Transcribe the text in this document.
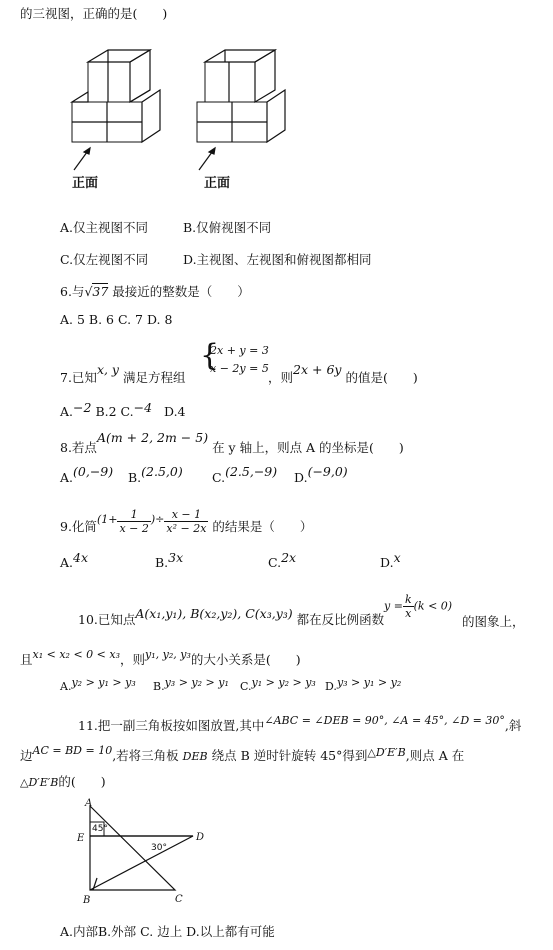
的三视图，正确的是(　　)
正面	正面
A.仅主视图不同	B.仅俯视图不同
C.仅左视图不同	D.主视图、左视图和俯视图都相同
6.与√37 最接近的整数是（　　）
A. 5 B. 6 C. 7 D. 8
7.已知x, y 满足方程组
{
2x + y = 3
x − 2y = 5
，则2x + 6y 的值是(　　)
A.−2 B.2 C.−4 D.4
8.若点A(m + 2, 2m − 5) 在 y 轴上，则点 A 的坐标是(　　)
A.(0,−9) B.(2.5,0) C.(2.5,−9) D.(−9,0)
9.化简($1+ \frac{1}{x - 2}$ )÷ $\frac{x - 1}{\text{x² − 2x}}$ 的结果是（　　）
A.4x	B.3x	C.2x	D.x
10.已知点A(x₁,y₁), B(x₂,y₂), C(x₃,y₃) 都在反比例函数
$y = \frac{k}{x} (k < 0)$
的图象上，
且x₁ < x₂ < 0 < x₃，则y₁, y₂, y₃的大小关系是(　　)
A.y₂ > y₁ > y₃ B.y₃ > y₂ > y₁ C.y₁ > y₂ > y₃ D.y₃ > y₁ > y₂
11.把一副三角板按如图放置,其中∠ABC = ∠DEB = 90°, ∠A = 45°, ∠D = 30°,斜
边AC = BD = 10,若将三角板 DEB 绕点 B 逆时针旋转 45°得到△D′E′B,则点 A 在
△D′E′B的(　　)
A
E	D
B	C
45°
30°
A.内部B.外部 C. 边上 D.以上都有可能
